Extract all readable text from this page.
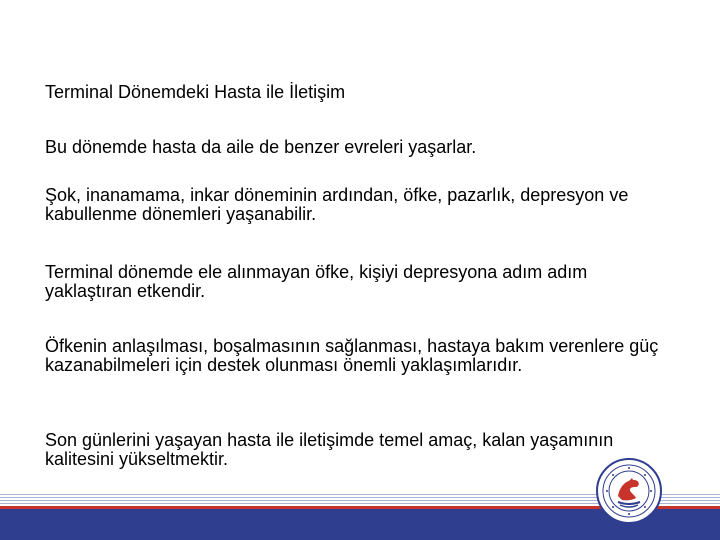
Terminal Dönemdeki Hasta ile İletişim

Bu dönemde hasta da aile de benzer evreleri yaşarlar.

Şok, inanamama, inkar döneminin ardından, öfke, pazarlık, depresyon ve kabullenme dönemleri yaşanabilir.

Terminal dönemde ele alınmayan öfke, kişiyi depresyona adım adım yaklaştıran etkendir.

Öfkenin anlaşılması, boşalmasının sağlanması, hastaya bakım verenlere güç kazanabilmeleri için destek olunması önemli yaklaşımlarıdır.

Son günlerini yaşayan hasta ile iletişimde temel amaç, kalan yaşamının kalitesini yükseltmektir.
